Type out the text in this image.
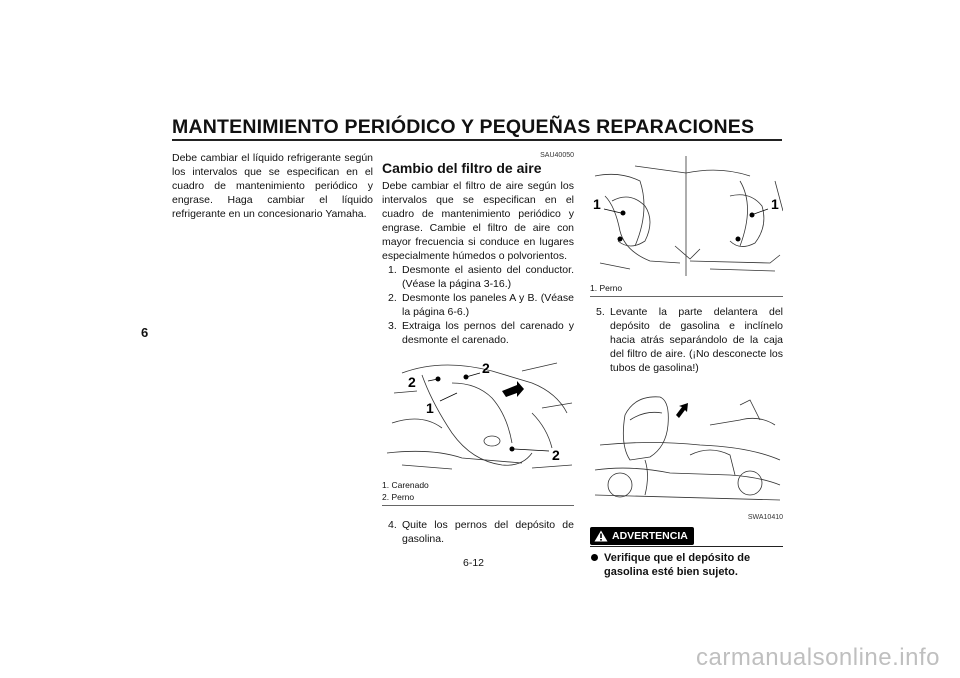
MANTENIMIENTO PERIÓDICO Y PEQUEÑAS REPARACIONES
6

Debe cambiar el líquido refrigerante según los intervalos que se especifican en el cuadro de mantenimiento periódico y engrase. Haga cambiar el líquido refrigerante en un concesionario Yamaha.

SAU40050
Cambio del filtro de aire

Debe cambiar el filtro de aire según los intervalos que se especifican en el cuadro de mantenimiento periódico y engrase. Cambie el filtro de aire con mayor frecuencia si conduce en lugares especialmente húmedos o polvorientos.

1. Desmonte el asiento del conductor. (Véase la página 3-16.)
2. Desmonte los paneles A y B. (Véase la página 6-6.)
3. Extraiga los pernos del carenado y desmonte el carenado.
2
2
1
2
1. Carenado
2. Perno
4. Quite los pernos del depósito de gasolina.
1	1
1. Perno
5. Levante la parte delantera del depósito de gasolina e inclínelo hacia atrás separándolo de la caja del filtro de aire. (¡No desconecte los tubos de gasolina!)
SWA10410
ADVERTENCIA
Verifique que el depósito de gasolina esté bien sujeto.
6-12
carmanualsonline.info
